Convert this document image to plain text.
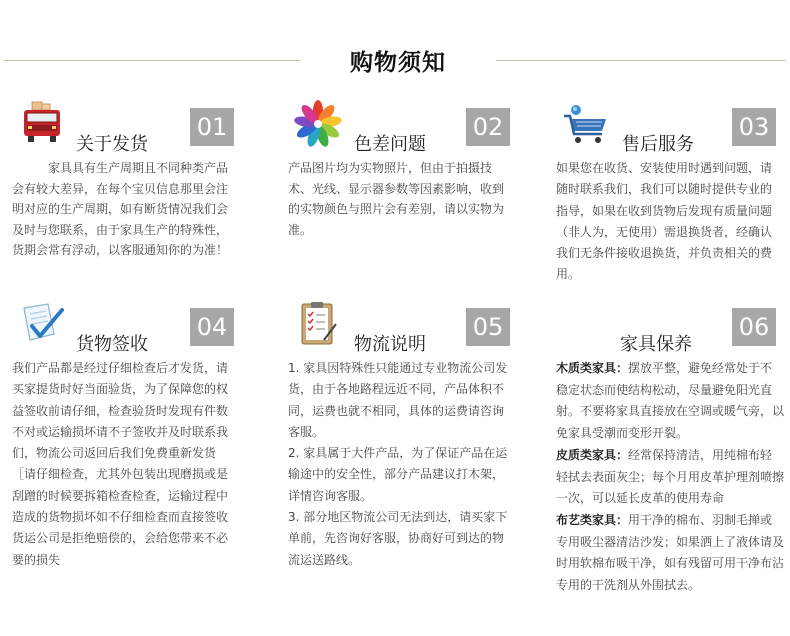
购物须知
关于发货
01

家具具有生产周期且不同种类产品会有较大差异，在每个宝贝信息那里会注明对应的生产周期，如有断货情况我们会及时与您联系，由于家具生产的特殊性，货期会常有浮动，以客服通知你的为准！

色差问题
02

产品图片均为实物照片，但由于拍摄技术、光线、显示器参数等因素影响，收到的实物颜色与照片会有差别，请以实物为准。

售后服务
03

如果您在收货、安装使用时遇到问题，请随时联系我们，我们可以随时提供专业的指导，如果在收到货物后发现有质量问题（非人为，无使用）需退换货者，经确认我们无条件接收退换货，并负责相关的费用。

货物签收
04

我们产品都是经过仔细检查后才发货，请买家提货时好当面验货，为了保障您的权益签收前请仔细，检查验货时发现有件数不对或运输损坏请不子签收并及时联系我们，物流公司返回后我们免费重新发货［请仔细检查，尤其外包装出现磨损或是刮蹭的时候要拆箱检查检查，运输过程中造成的货物损坏如不仔细检查而直接签收货运公司是拒绝赔偿的，会给您带来不必要的损失

物流说明
05

1. 家具因特殊性只能通过专业物流公司发货，由于各地路程远近不同，产品体积不同，运费也就不相同，具体的运费请咨询客服。

2. 家具属于大件产品，为了保证产品在运输途中的安全性，部分产品建议打木架，详情咨询客服。

3. 部分地区物流公司无法到达，请买家下单前，先咨询好客服，协商好可到达的物流运送路线。

家具保养
06

木质类家具：摆放平整，避免经常处于不稳定状态而使结构松动，尽量避免阳光直射。不要将家具直接放在空调或暖气旁，以免家具受潮而变形开裂。

皮质类家具：经常保持清洁，用纯棉布轻轻拭去表面灰尘；每个月用皮革护理剂喷擦一次，可以延长皮革的使用寿命

布艺类家具：用干净的棉布、羽制毛掸或专用吸尘器清洁沙发；如果洒上了液体请及时用软棉布吸干净，如有残留可用干净布沾专用的干洗剂从外围拭去。
